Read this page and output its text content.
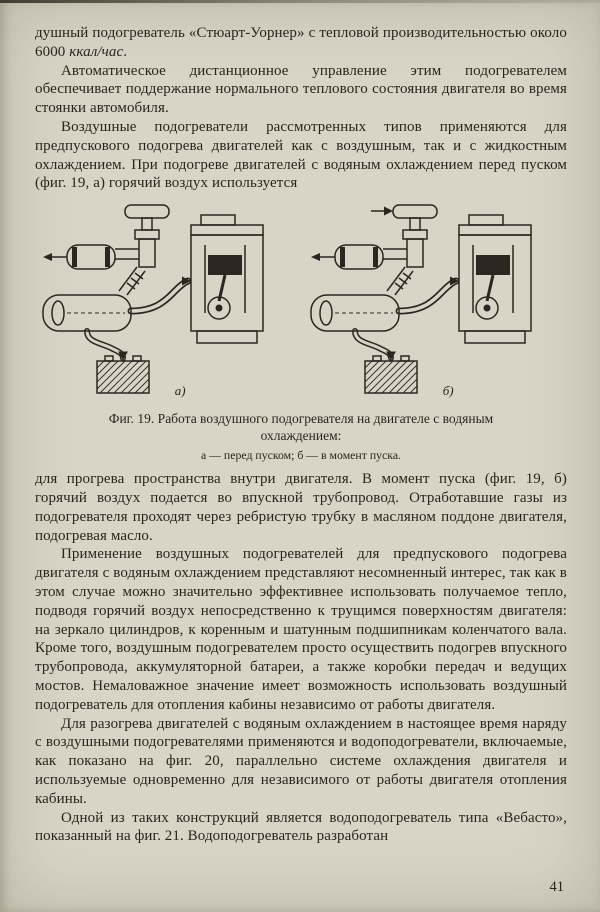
душный подогреватель «Стюарт-Уорнер» с тепловой производительностью около 6000 ккал/час.

Автоматическое дистанционное управление этим подогревателем обеспечивает поддержание нормального теплового состояния двигателя во время стоянки автомобиля.

Воздушные подогреватели рассмотренных типов применяются для предпускового подогрева двигателей как с воздушным, так и с жидкостным охлаждением. При подогреве двигателей с водяным охлаждением перед пуском (фиг. 19, а) горячий воздух используется

а)	б)
Фиг. 19. Работа воздушного подогревателя на двигателе с водяным охлаждением:
а — перед пуском; б — в момент пуска.

для прогрева пространства внутри двигателя. В момент пуска (фиг. 19, б) горячий воздух подается во впускной трубопровод. Отработавшие газы из подогревателя проходят через ребристую трубку в масляном поддоне двигателя, подогревая масло.

Применение воздушных подогревателей для предпускового подогрева двигателя с водяным охлаждением представляют несомненный интерес, так как в этом случае можно значительно эффективнее использовать получаемое тепло, подводя горячий воздух непосредственно к трущимся поверхностям двигателя: на зеркало цилиндров, к коренным и шатунным подшипникам коленчатого вала. Кроме того, воздушным подогревателем просто осуществить подогрев впускного трубопровода, аккумуляторной батареи, а также коробки передач и ведущих мостов. Немаловажное значение имеет возможность использовать воздушный подогреватель для отопления кабины независимо от работы двигателя.

Для разогрева двигателей с водяным охлаждением в настоящее время наряду с воздушными подогревателями применяются и водоподогреватели, включаемые, как показано на фиг. 20, параллельно системе охлаждения двигателя и используемые одновременно для независимого от работы двигателя отопления кабины.

Одной из таких конструкций является водоподогреватель типа «Вебасто», показанный на фиг. 21. Водоподогреватель разработан

41
